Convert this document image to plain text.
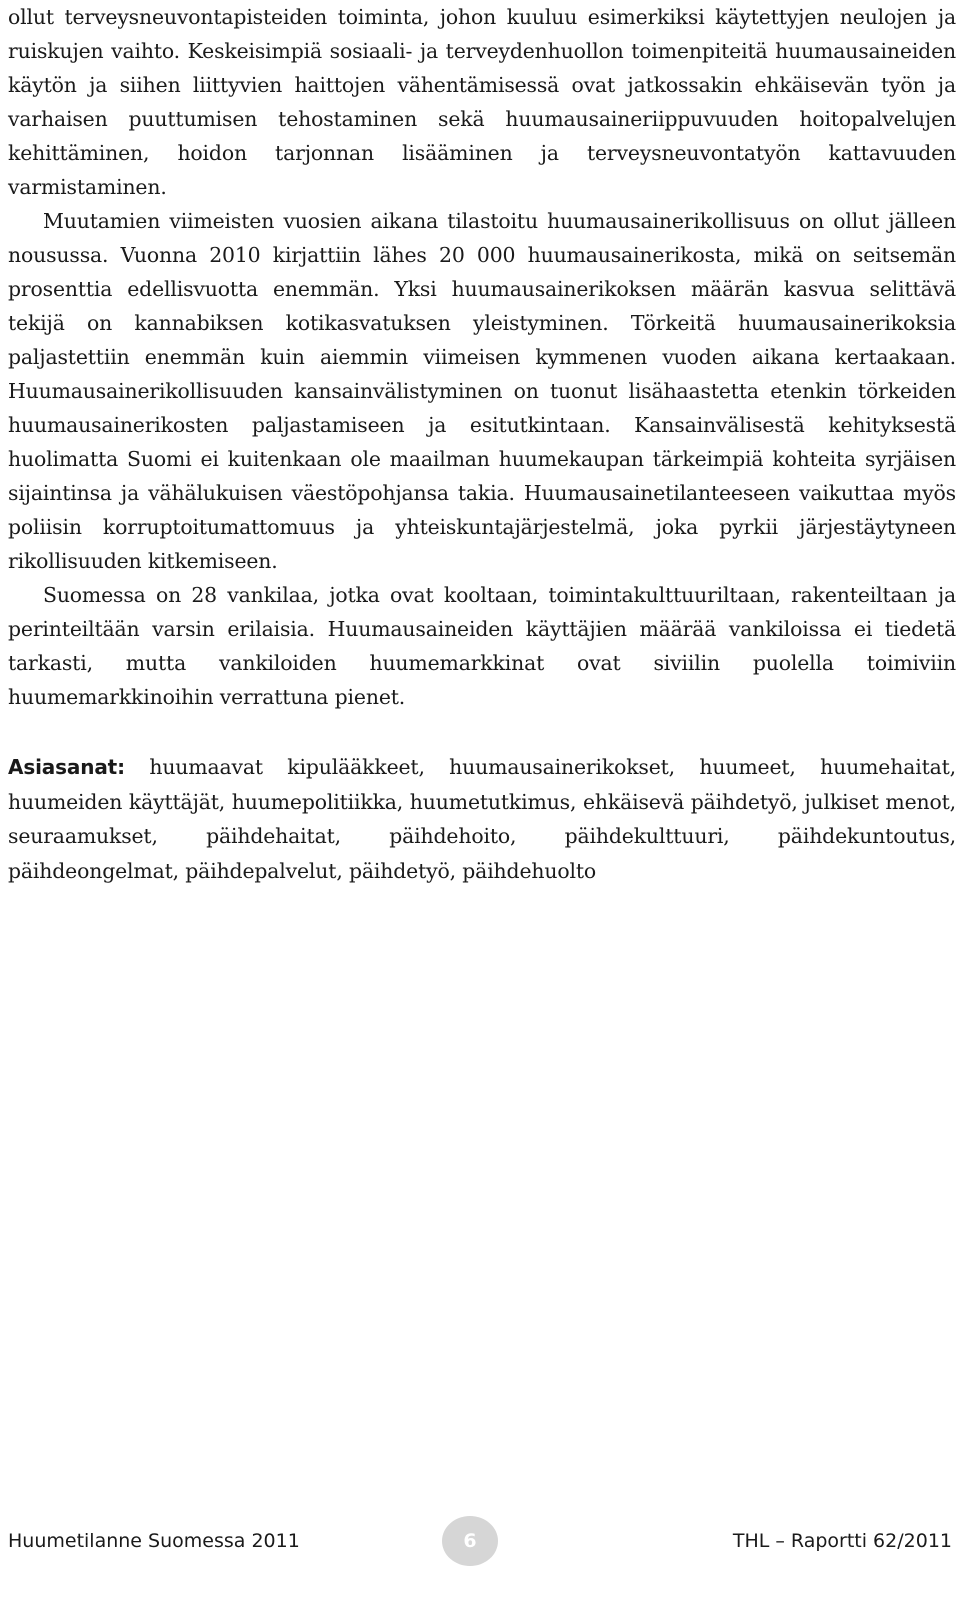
ollut terveysneuvontapisteiden toiminta, johon kuuluu esimerkiksi käytettyjen neulojen ja ruiskujen vaihto. Keskeisimpiä sosiaali- ja terveydenhuollon toimenpiteitä huumausaineiden käytön ja siihen liittyvien haittojen vähentämisessä ovat jatkossakin ehkäisevän työn ja varhaisen puuttumisen tehostaminen sekä huumausaineriippuvuuden hoitopalvelujen kehittäminen, hoidon tarjonnan lisääminen ja terveysneuvontatyön kattavuuden varmistaminen.

Muutamien viimeisten vuosien aikana tilastoitu huumausainerikollisuus on ollut jälleen nousussa. Vuonna 2010 kirjattiin lähes 20 000 huumausainerikosta, mikä on seitsemän prosenttia edellisvuotta enemmän. Yksi huumausainerikoksen määrän kasvua selittävä tekijä on kannabiksen kotikasvatuksen yleistyminen. Törkeitä huumausainerikoksia paljastettiin enemmän kuin aiemmin viimeisen kymmenen vuoden aikana kertaakaan. Huumausainerikollisuuden kansainvälistyminen on tuonut lisähaastetta etenkin törkeiden huumausainerikosten paljastamiseen ja esitutkintaan. Kansainvälisestä kehityksestä huolimatta Suomi ei kuitenkaan ole maailman huumekaupan tärkeimpiä kohteita syrjäisen sijaintinsa ja vähälukuisen väestöpohjansa takia. Huumausainetilanteeseen vaikuttaa myös poliisin korruptoitumattomuus ja yhteiskuntajärjestelmä, joka pyrkii järjestäytyneen rikollisuuden kitkemiseen.

Suomessa on 28 vankilaa, jotka ovat kooltaan, toimintakulttuuriltaan, rakenteiltaan ja perinteiltään varsin erilaisia. Huumausaineiden käyttäjien määrää vankiloissa ei tiedetä tarkasti, mutta vankiloiden huumemarkkinat ovat siviilin puolella toimiviin huumemarkkinoihin verrattuna pienet.

Asiasanat: huumaavat kipulääkkeet, huumausainerikokset, huumeet, huumehaitat, huumeiden käyttäjät, huumepolitiikka, huumetutkimus, ehkäisevä päihdetyö, julkiset menot, seuraamukset, päihdehaitat, päihdehoito, päihdekulttuuri, päihdekuntoutus, päihdeongelmat, päihdepalvelut, päihdetyö, päihdehuolto

Huumetilanne Suomessa 2011	6	THL – Raportti 62/2011
